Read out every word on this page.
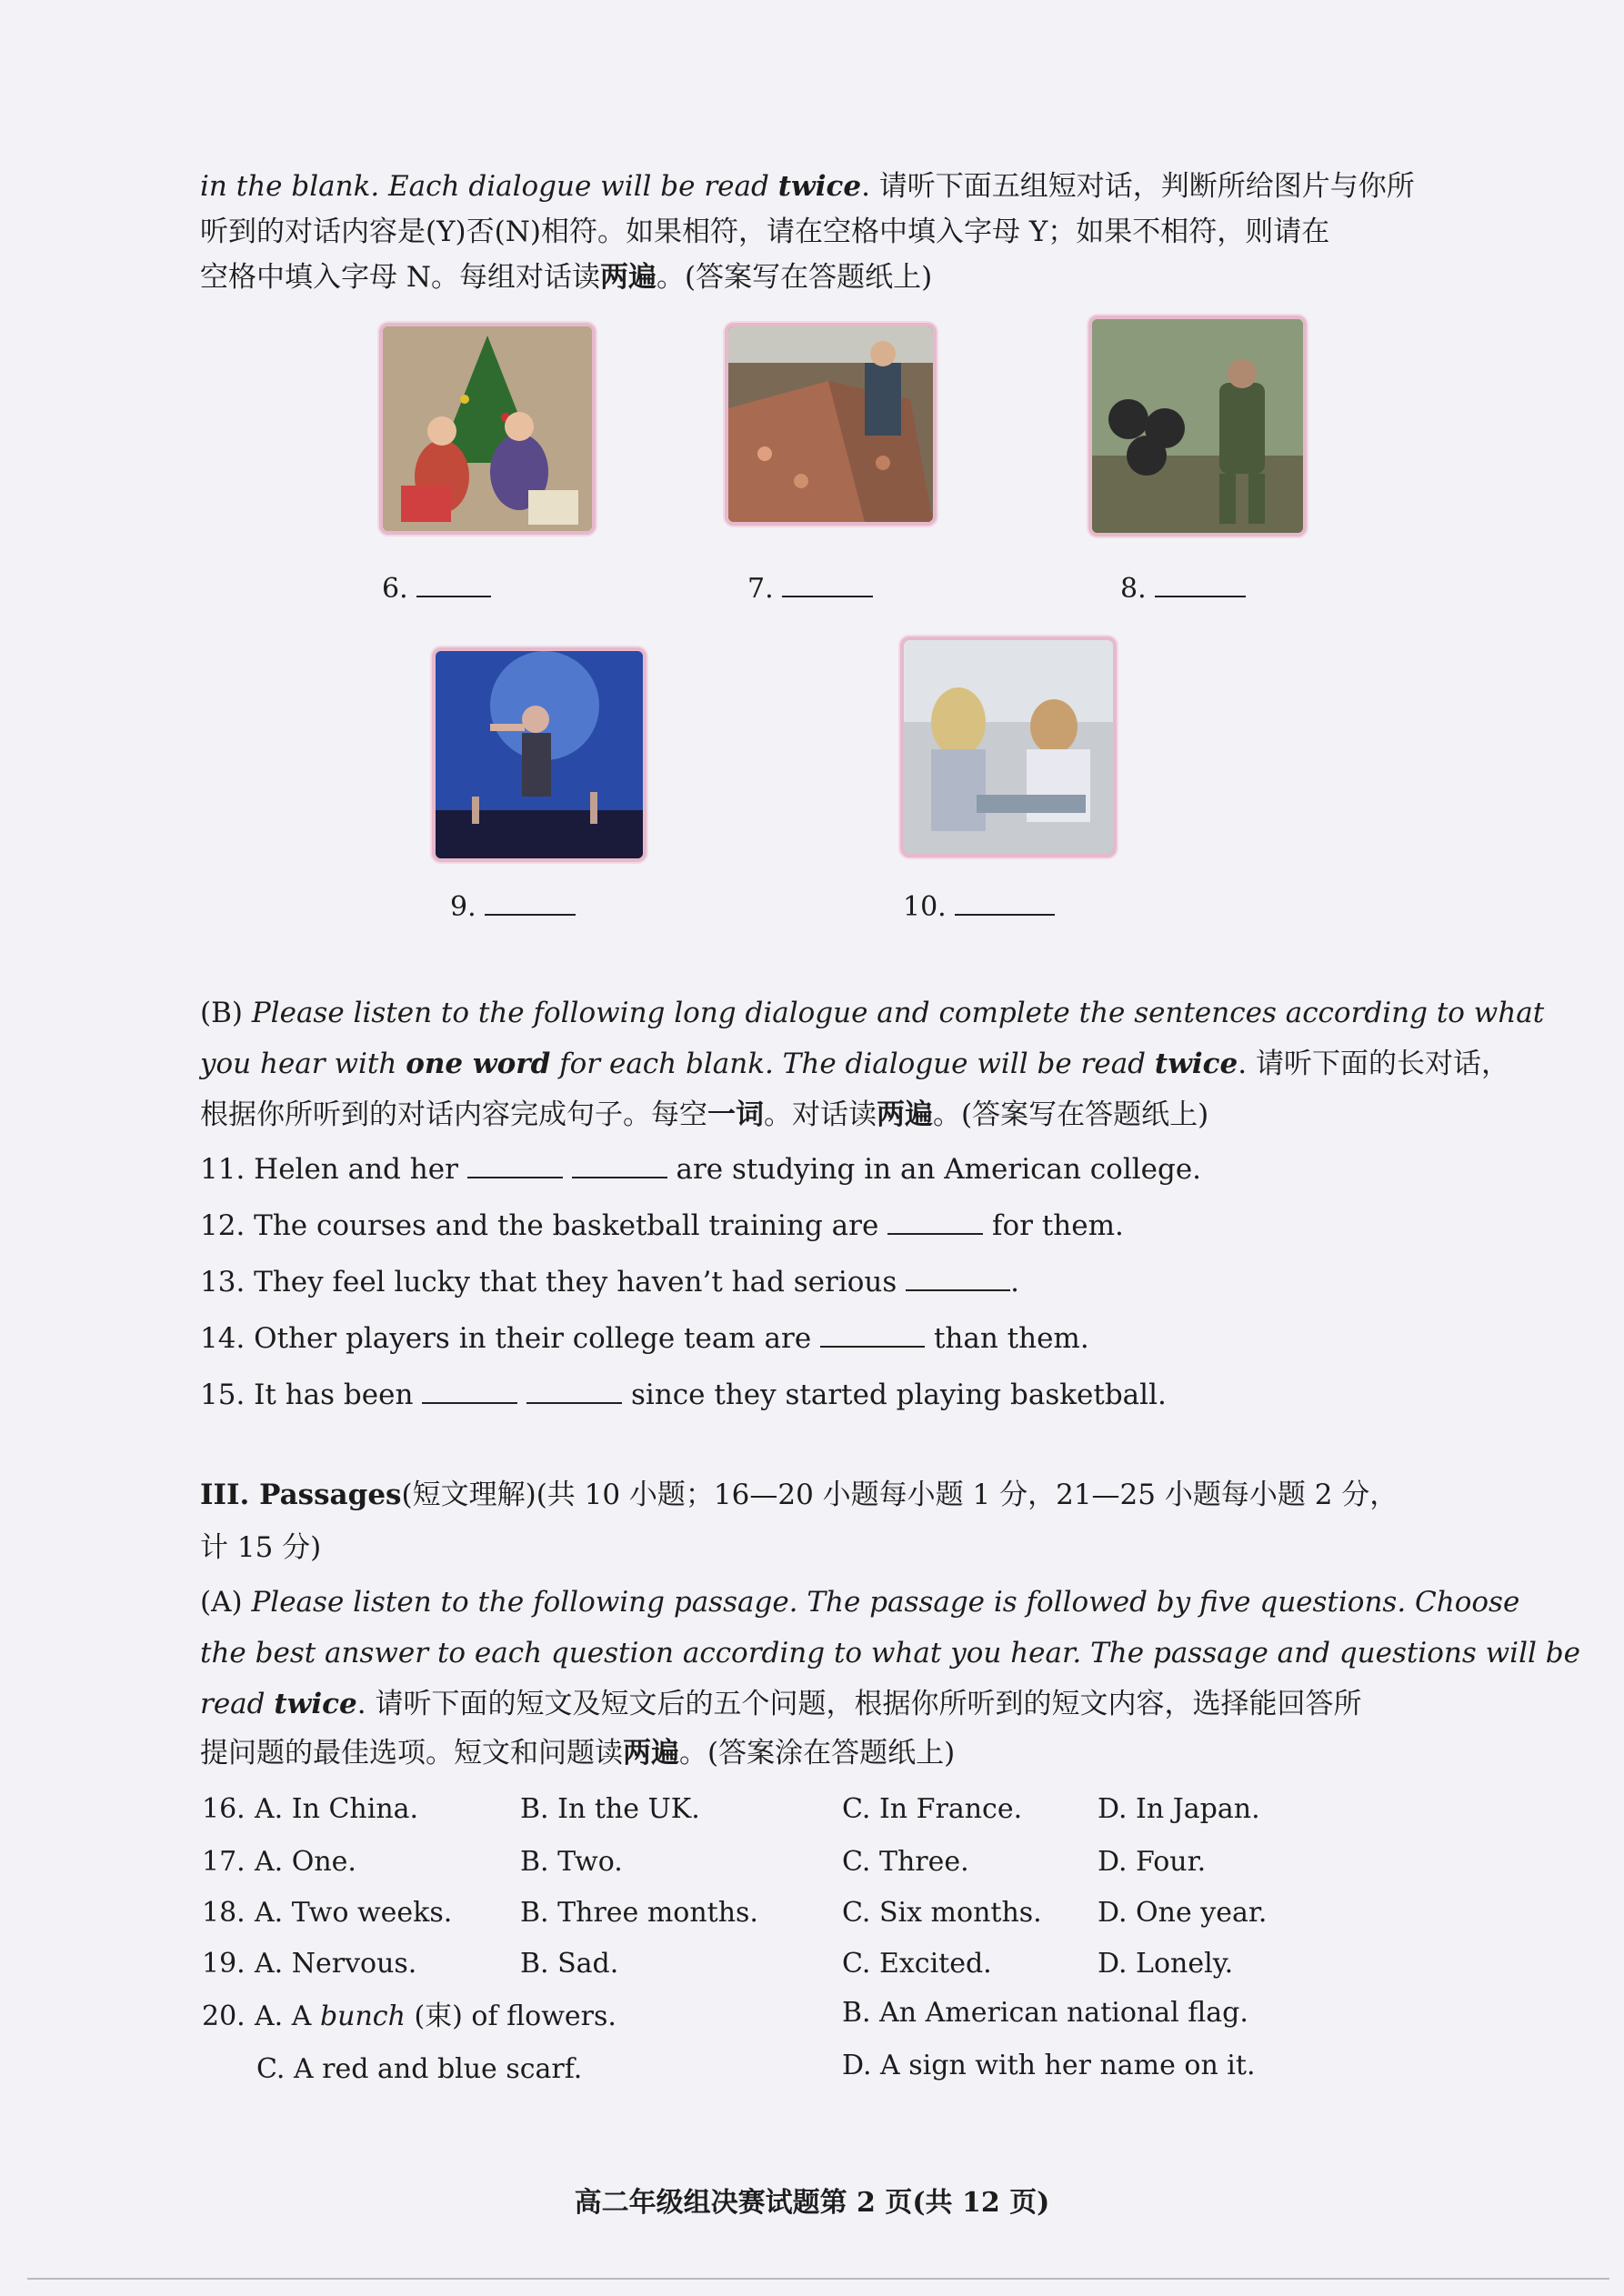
in the blank. Each dialogue will be read twice. 请听下面五组短对话，判断所给图片与你所
听到的对话内容是(Y)否(N)相符。如果相符，请在空格中填入字母 Y；如果不相符，则请在
空格中填入字母 N。每组对话读两遍。(答案写在答题纸上)
6.	7.	8.
9.	10.
(B) Please listen to the following long dialogue and complete the sentences according to what
you hear with one word for each blank. The dialogue will be read twice. 请听下面的长对话，
根据你所听到的对话内容完成句子。每空一词。对话读两遍。(答案写在答题纸上)
11. Helen and her	are studying in an American college.
12. The courses and the basketball training are	for them.
13. They feel lucky that they haven’t had serious	.
14. Other players in their college team are	than them.
15. It has been	since they started playing basketball.
III. Passages(短文理解)(共 10 小题；16—20 小题每小题 1 分，21—25 小题每小题 2 分，
计 15 分)
(A) Please listen to the following passage. The passage is followed by five questions. Choose
the best answer to each question according to what you hear. The passage and questions will be
read twice. 请听下面的短文及短文后的五个问题，根据你所听到的短文内容，选择能回答所
提问题的最佳选项。短文和问题读两遍。(答案涂在答题纸上)
16. A. In China.	B. In the UK.	C. In France.	D. In Japan.
17. A. One.	B. Two.	C. Three.	D. Four.
18. A. Two weeks. B. Three months.	C. Six months. D. One year.
19. A. Nervous.	B. Sad.	C. Excited.	D. Lonely.
20. A. A bunch (束) of flowers.	B. An American national flag.
C. A red and blue scarf.	D. A sign with her name on it.
高二年级组决赛试题第 2 页(共 12 页)
